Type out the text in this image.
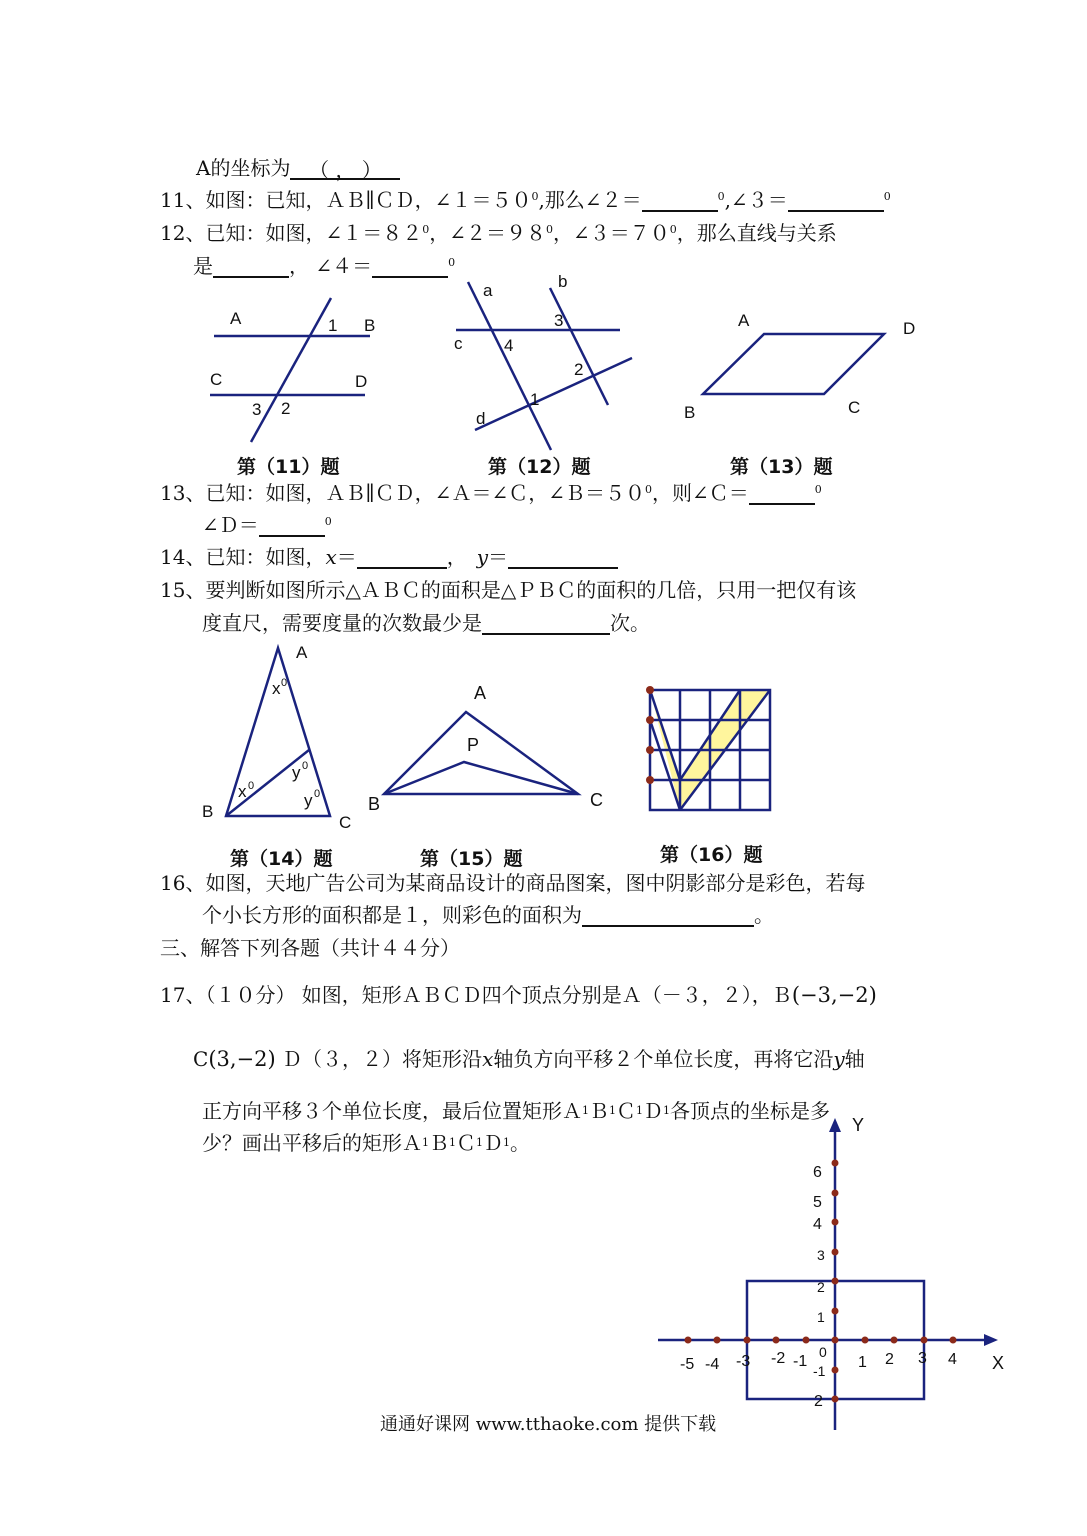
A的坐标为 （ ， ）
11、如图：已知，ＡＢ∥ＣＤ，$\angle 1=50^0$,那么∠２＝	$^0$,∠３＝	$^0$
12、已知：如图，$\angle 1=82^0$，$\angle 2=98^0$，$\angle 3=70^0$，那么直线与关系
是	， ∠４＝	$^0$
A	B
1
C	D
3 2
a	b
c
d
3
4
2
1
A	D
B	C
A
B
C
x 0
y 0
x 0
y 0
A
P
B	C
X
Y
0
-5 -4 -3 -2 -1	1 2 3 4
6
5
4
3
2
1
-1
2
第（11）题	第（12）题	第（13）题
第（14）题	第（15）题	第（16）题
13、已知：如图，ＡＢ∥ＣＤ，∠Ａ＝∠Ｃ，$\angle B=50^0$，则∠Ｃ＝	$^0$
∠Ｄ＝	$^0$
14、已知：如图，x＝	， y＝
15、要判断如图所示△ＡＢＣ的面积是△ＰＢＣ的面积的几倍，只用一把仅有该
度直尺，需要度量的次数最少是	次。
16、如图，天地广告公司为某商品设计的商品图案，图中阴影部分是彩色，若每
个小长方形的面积都是１，则彩色的面积为	。
三、解答下列各题（共计４４分）
17、（１０分） 如图，矩形ＡＢＣＤ四个顶点分别是Ａ（－３，２），Ｂ(−3,−2)
C(3,−2) Ｄ（３，２）将矩形沿x轴负方向平移２个单位长度，再将它沿y轴
正方向平移３个单位长度，最后位置矩形Ａ1Ｂ1Ｃ1Ｄ1各顶点的坐标是多
少？画出平移后的矩形Ａ1Ｂ1Ｃ1Ｄ1。
通通好课网 www.tthaoke.com 提供下载
